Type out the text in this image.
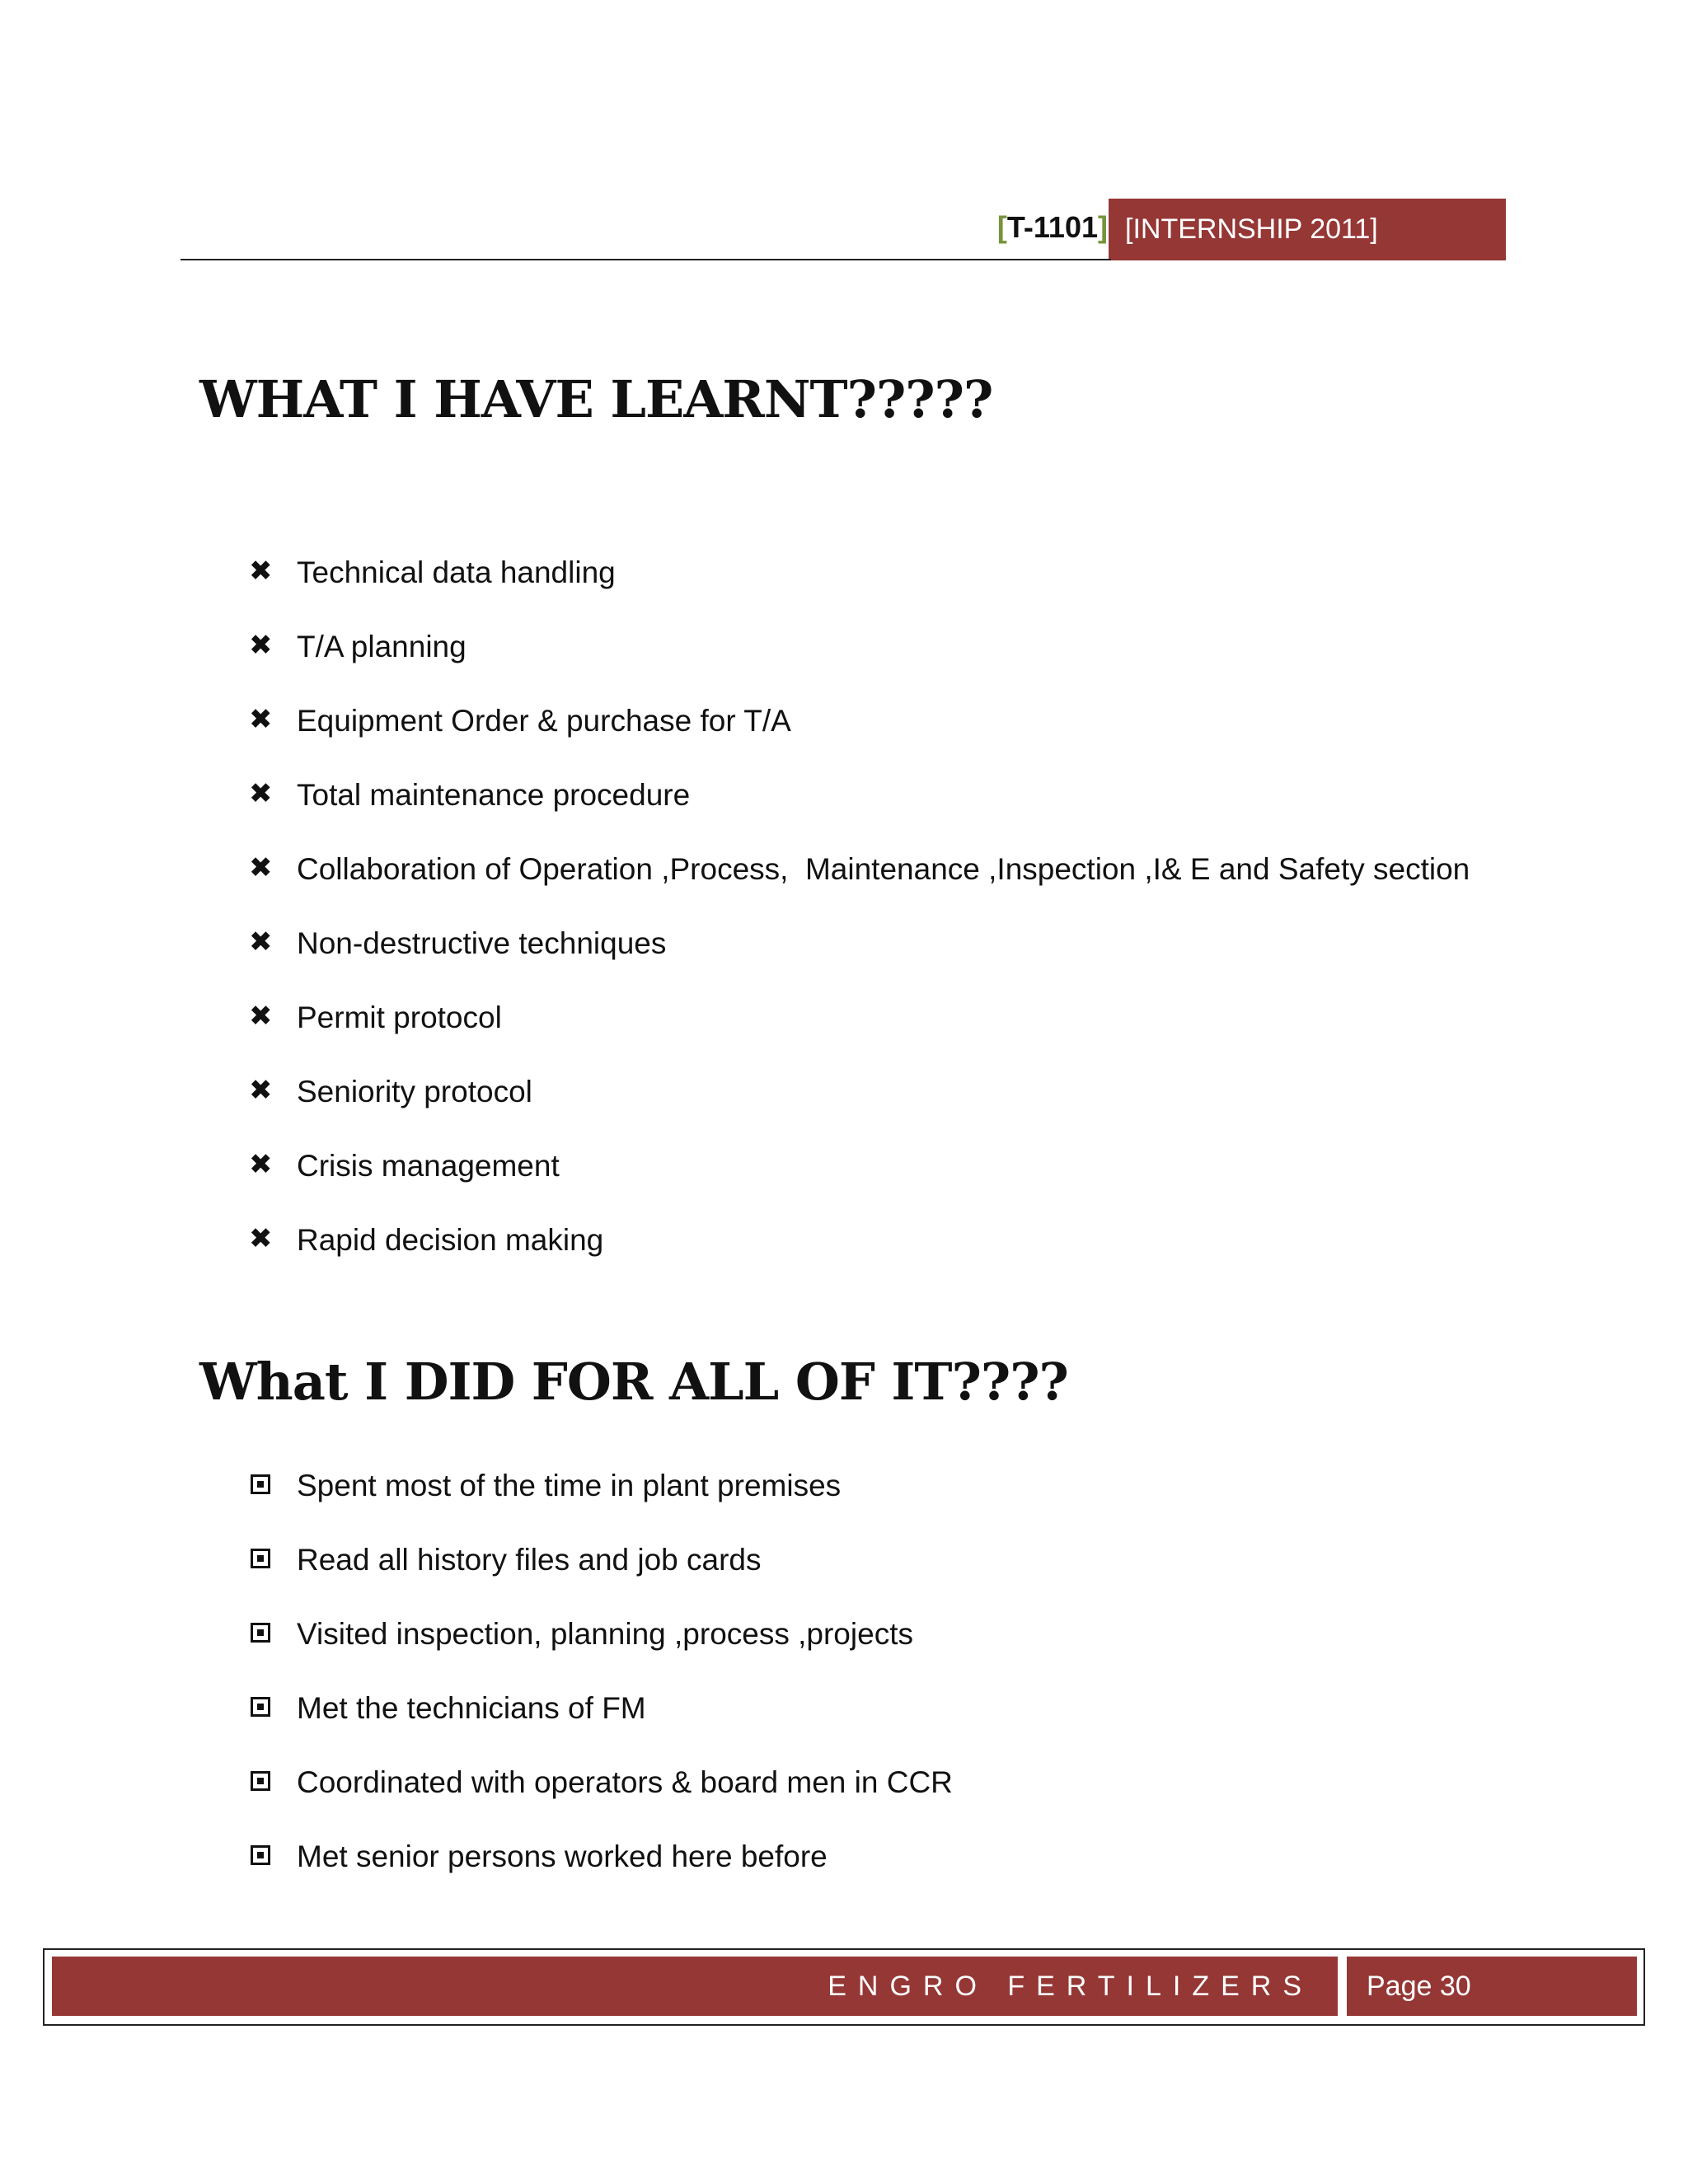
[T-1101] [INTERNSHIP 2011]
WHAT I HAVE LEARNT?????
✖
Technical data handling
✖
T/A planning
✖
Equipment Order & purchase for T/A
✖
Total maintenance procedure
✖
Collaboration of Operation ,Process,  Maintenance ,Inspection ,I& E and Safety section
✖
Non-destructive techniques
✖
Permit protocol
✖
Seniority protocol
✖
Crisis management
✖
Rapid decision making
What I DID FOR ALL OF IT????
Spent most of the time in plant premises
Read all history files and job cards
Visited inspection, planning ,process ,projects
Met the technicians of FM
Coordinated with operators & board men in CCR
Met senior persons worked here before
ENGRO FERTILIZERS	Page 30
